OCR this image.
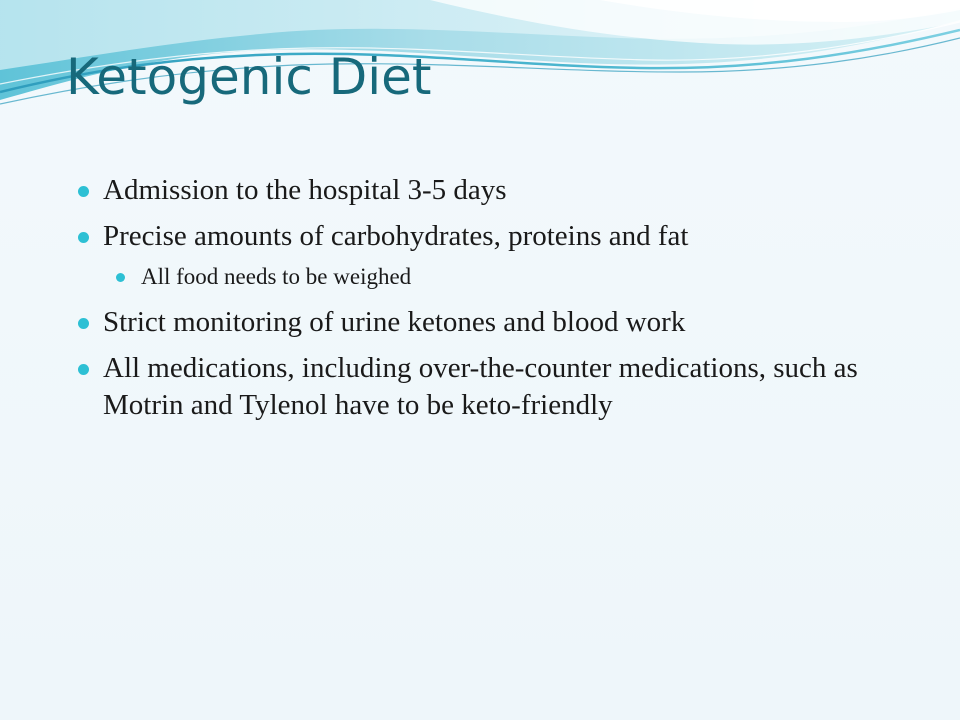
Ketogenic Diet
Admission to the hospital 3-5 days
Precise amounts of carbohydrates, proteins and fat
All food needs to be weighed
Strict monitoring of urine ketones and blood work
All medications, including over-the-counter medications, such as Motrin and Tylenol have to be keto-friendly
